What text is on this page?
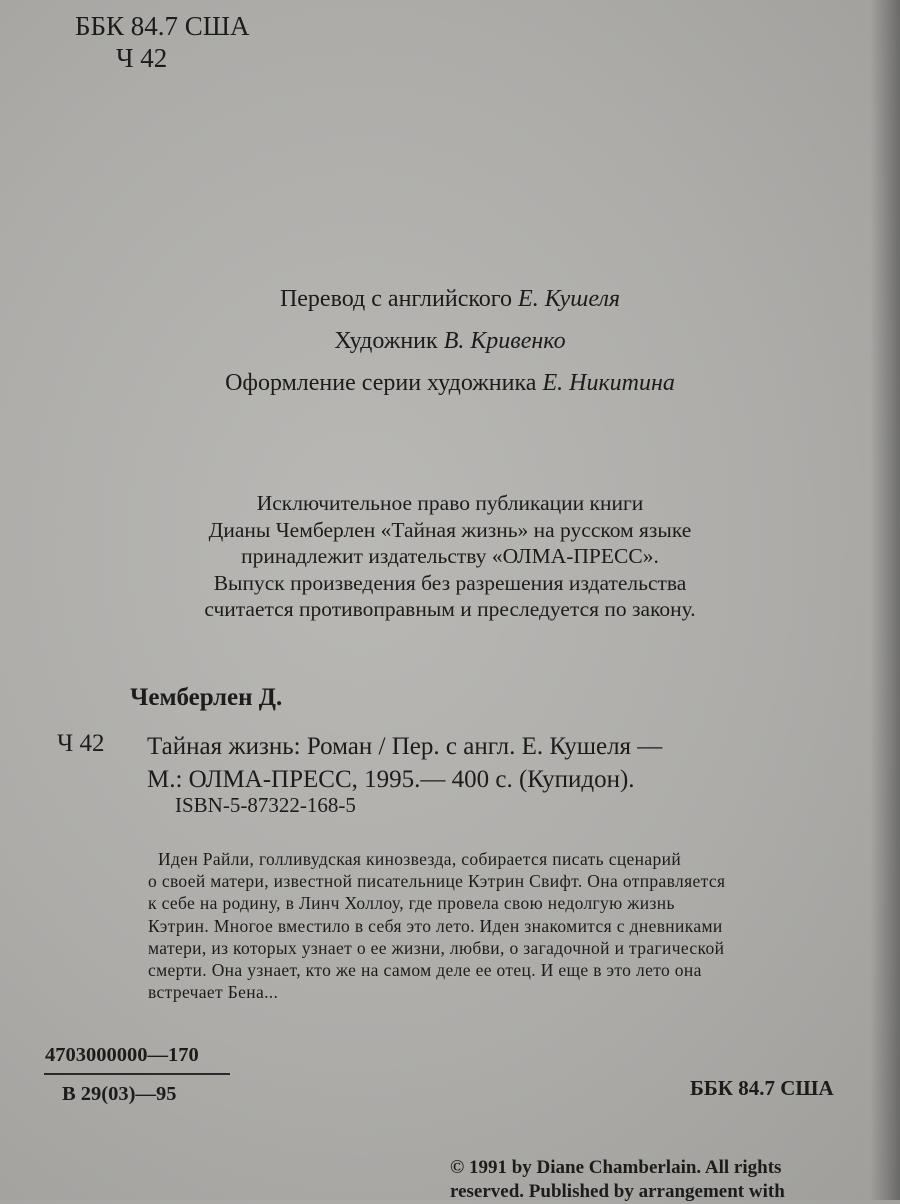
ББК 84.7 США
Ч 42
Перевод с английского Е. Кушеля
Художник В. Кривенко
Оформление серии художника Е. Никитина
Исключительное право публикации книги
Дианы Чемберлен «Тайная жизнь» на русском языке
принадлежит издательству «ОЛМА-ПРЕСС».
Выпуск произведения без разрешения издательства
считается противоправным и преследуется по закону.
Чемберлен Д.
Ч 42 Тайная жизнь: Роман / Пер. с англ. Е. Кушеля —
М.: ОЛМА-ПРЕСС, 1995.— 400 с. (Купидон).
ISBN-5-87322-168-5
Иден Райли, голливудская кинозвезда, собирается писать сценарий
о своей матери, известной писательнице Кэтрин Свифт. Она отправляется
к себе на родину, в Линч Холлоу, где провела свою недолгую жизнь
Кэтрин. Многое вместило в себя это лето. Иден знакомится с дневниками
матери, из которых узнает о ее жизни, любви, о загадочной и трагической
смерти. Она узнает, кто же на самом деле ее отец. И еще в это лето она
встречает Бена...
4703000000—170
В 29(03)—95	ББК 84.7 США
© 1991 by Diane Chamberlain. All rights
reserved. Published by arrangement with
